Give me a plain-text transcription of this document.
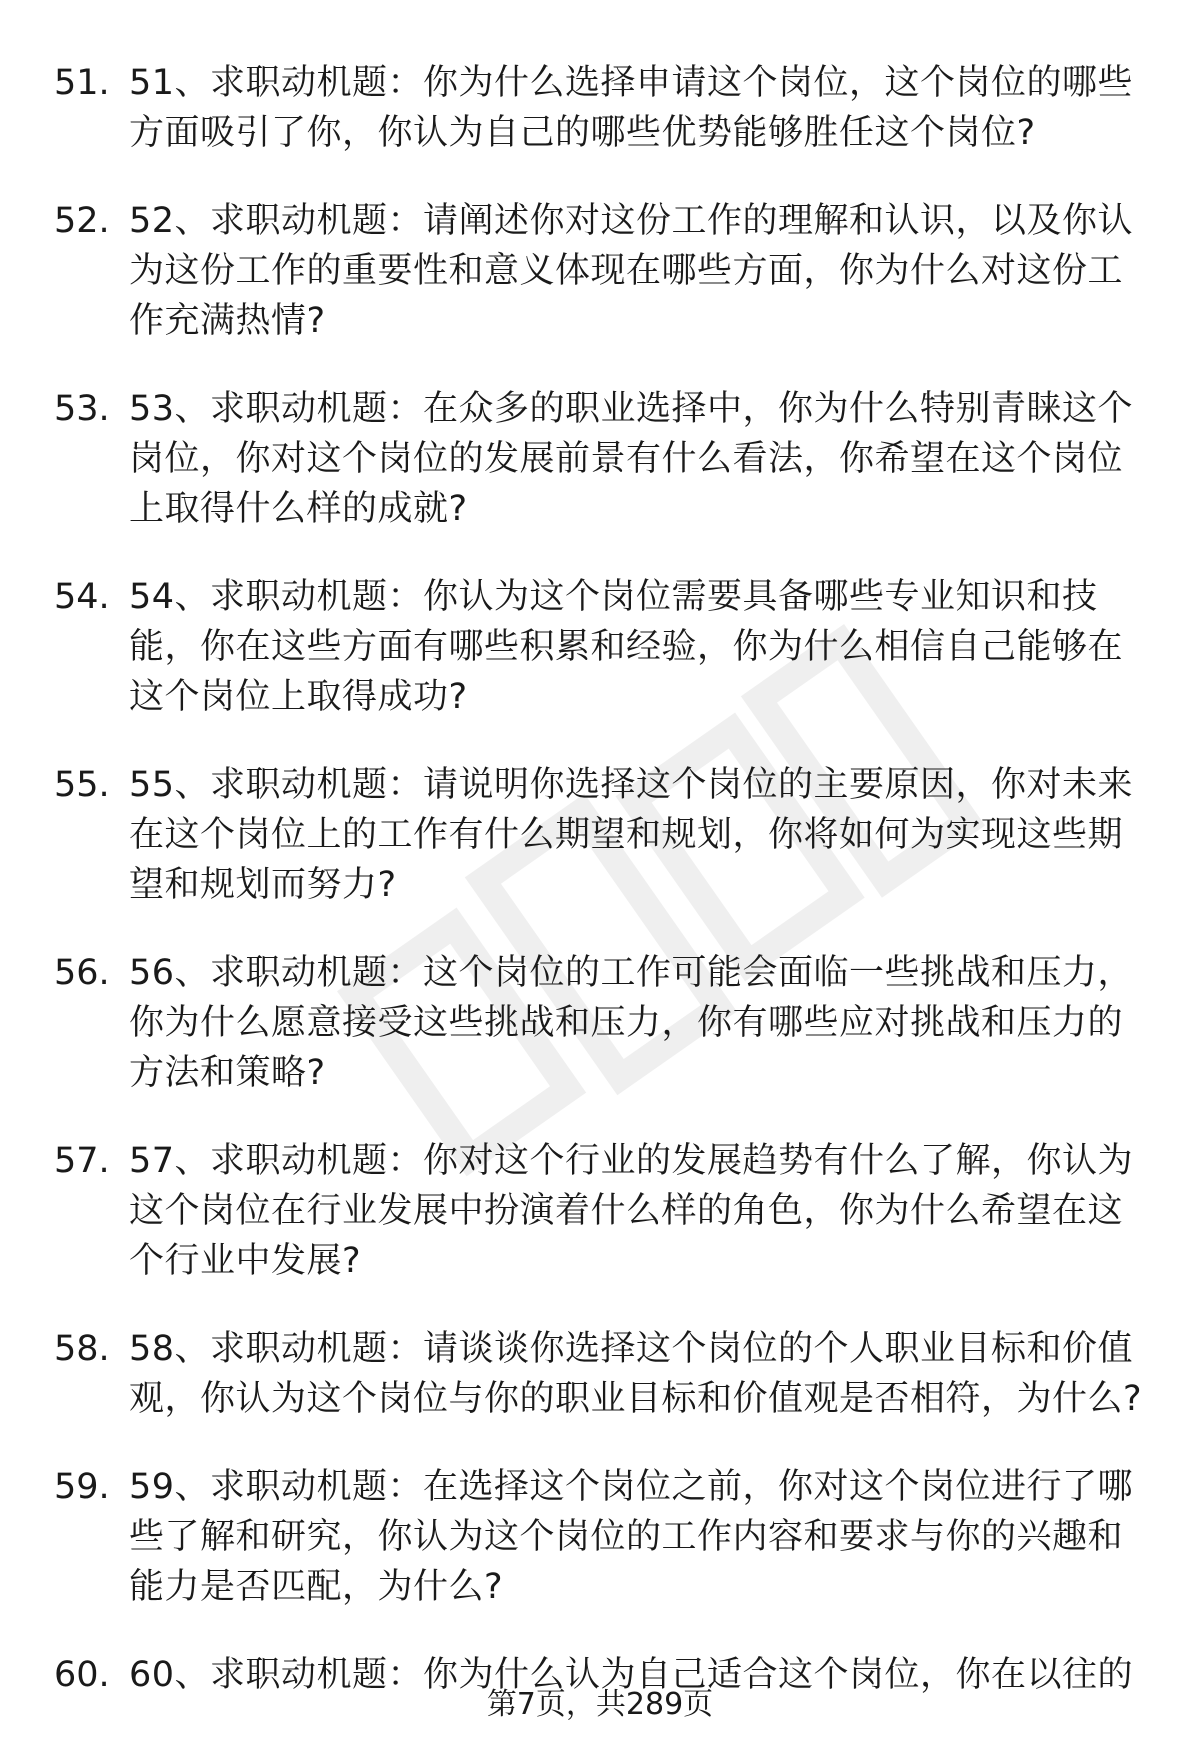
51. 51、求职动机题：你为什么选择申请这个岗位，这个岗位的哪些方面吸引了你，你认为自己的哪些优势能够胜任这个岗位?
52. 52、求职动机题：请阐述你对这份工作的理解和认识，以及你认为这份工作的重要性和意义体现在哪些方面，你为什么对这份工作充满热情?
53. 53、求职动机题：在众多的职业选择中，你为什么特别青睐这个岗位，你对这个岗位的发展前景有什么看法，你希望在这个岗位上取得什么样的成就?
54. 54、求职动机题：你认为这个岗位需要具备哪些专业知识和技能，你在这些方面有哪些积累和经验，你为什么相信自己能够在这个岗位上取得成功?
55. 55、求职动机题：请说明你选择这个岗位的主要原因，你对未来在这个岗位上的工作有什么期望和规划，你将如何为实现这些期望和规划而努力?
56. 56、求职动机题：这个岗位的工作可能会面临一些挑战和压力，你为什么愿意接受这些挑战和压力，你有哪些应对挑战和压力的方法和策略?
57. 57、求职动机题：你对这个行业的发展趋势有什么了解，你认为这个岗位在行业发展中扮演着什么样的角色，你为什么希望在这个行业中发展?
58. 58、求职动机题：请谈谈你选择这个岗位的个人职业目标和价值观，你认为这个岗位与你的职业目标和价值观是否相符，为什么?
59. 59、求职动机题：在选择这个岗位之前，你对这个岗位进行了哪些了解和研究，你认为这个岗位的工作内容和要求与你的兴趣和能力是否匹配，为什么?
60. 60、求职动机题：你为什么认为自己适合这个岗位，你在以往的
第7页，共289页
